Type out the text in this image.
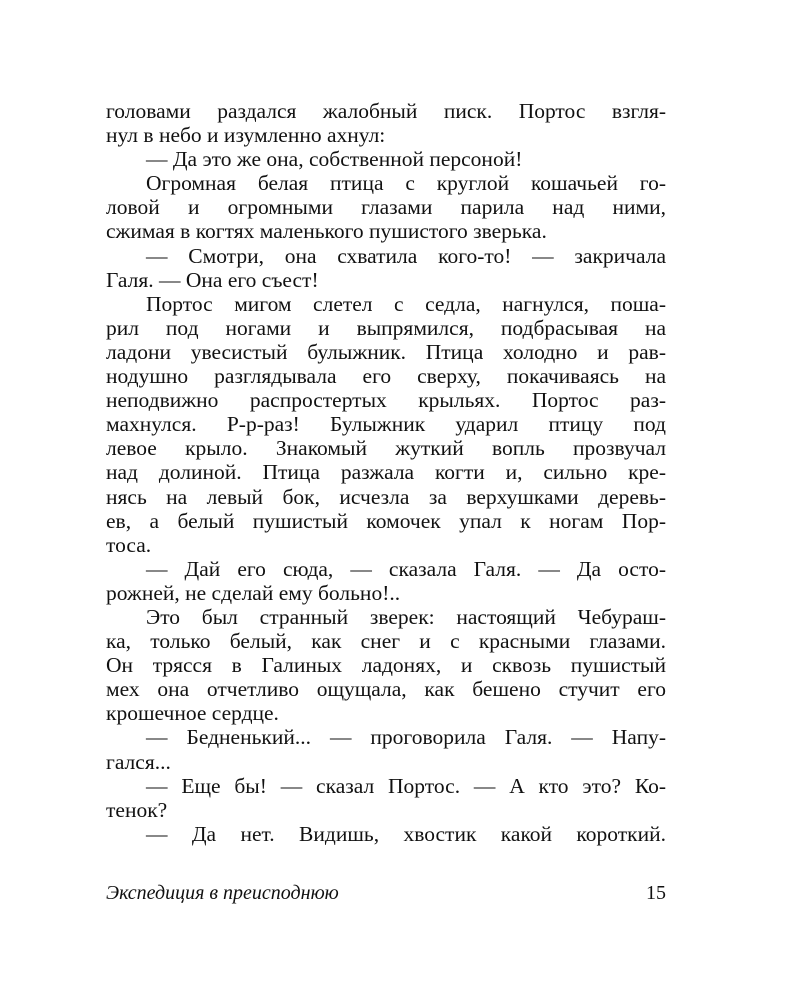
головами раздался жалобный писк. Портос взгля-
нул в небо и изумленно ахнул:
— Да это же она, собственной персоной!
Огромная белая птица с круглой кошачьей го-
ловой и огромными глазами парила над ними,
сжимая в когтях маленького пушистого зверька.
— Смотри, она схватила кого-то! — закричала
Галя. — Она его съест!
Портос мигом слетел с седла, нагнулся, поша-
рил под ногами и выпрямился, подбрасывая на
ладони увесистый булыжник. Птица холодно и рав-
нодушно разглядывала его сверху, покачиваясь на
неподвижно распростертых крыльях. Портос раз-
махнулся. Р-р-раз! Булыжник ударил птицу под
левое крыло. Знакомый жуткий вопль прозвучал
над долиной. Птица разжала когти и, сильно кре-
нясь на левый бок, исчезла за верхушками деревь-
ев, а белый пушистый комочек упал к ногам Пор-
тоса.
— Дай его сюда, — сказала Галя. — Да осто-
рожней, не сделай ему больно!..
Это был странный зверек: настоящий Чебураш-
ка, только белый, как снег и с красными глазами.
Он трясся в Галиных ладонях, и сквозь пушистый
мех она отчетливо ощущала, как бешено стучит его
крошечное сердце.
— Бедненький... — проговорила Галя. — Напу-
гался...
— Еще бы! — сказал Портос. — А кто это? Ко-
тенок?
— Да нет. Видишь, хвостик какой короткий.
Экспедиция в преисподнюю	15
